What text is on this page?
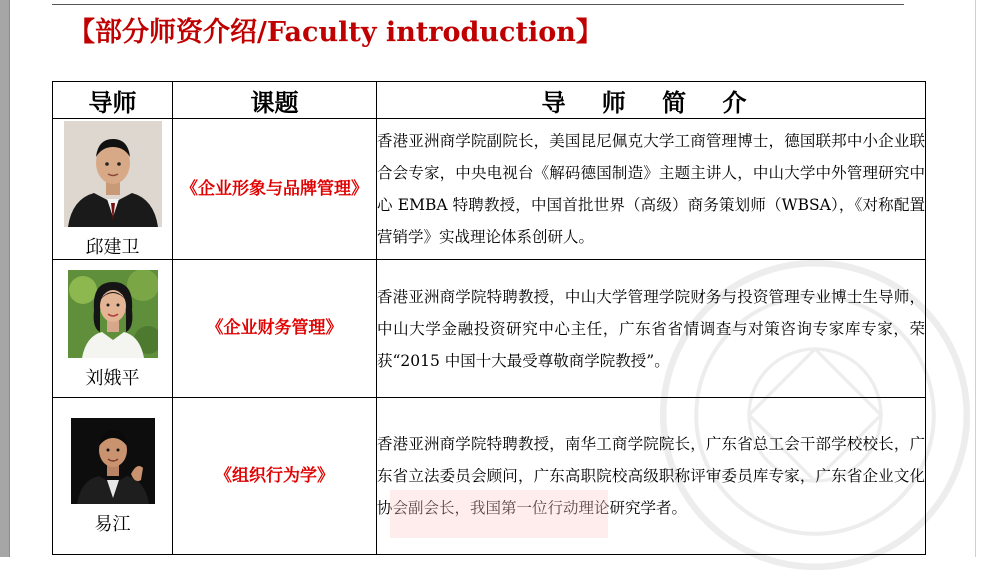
【部分师资介绍/Faculty introduction】
导师	课题	导 师 简 介

邱建卫	《企业形象与品牌管理》	香港亚洲商学院副院长，美国昆尼佩克大学工商管理博士，德国联邦中小企业联合会专家，中央电视台《解码德国制造》主题主讲人，中山大学中外管理研究中心 EMBA 特聘教授，中国首批世界（高级）商务策划师（WBSA），《对称配置营销学》实战理论体系创研人。

刘娥平	《企业财务管理》	香港亚洲商学院特聘教授，中山大学管理学院财务与投资管理专业博士生导师，中山大学金融投资研究中心主任，广东省省情调查与对策咨询专家库专家，荣获“2015 中国十大最受尊敬商学院教授”。

易江	《组织行为学》	香港亚洲商学院特聘教授，南华工商学院院长，广东省总工会干部学校校长，广东省立法委员会顾问，广东高职院校高级职称评审委员库专家，广东省企业文化协会副会长，我国第一位行动理论研究学者。
